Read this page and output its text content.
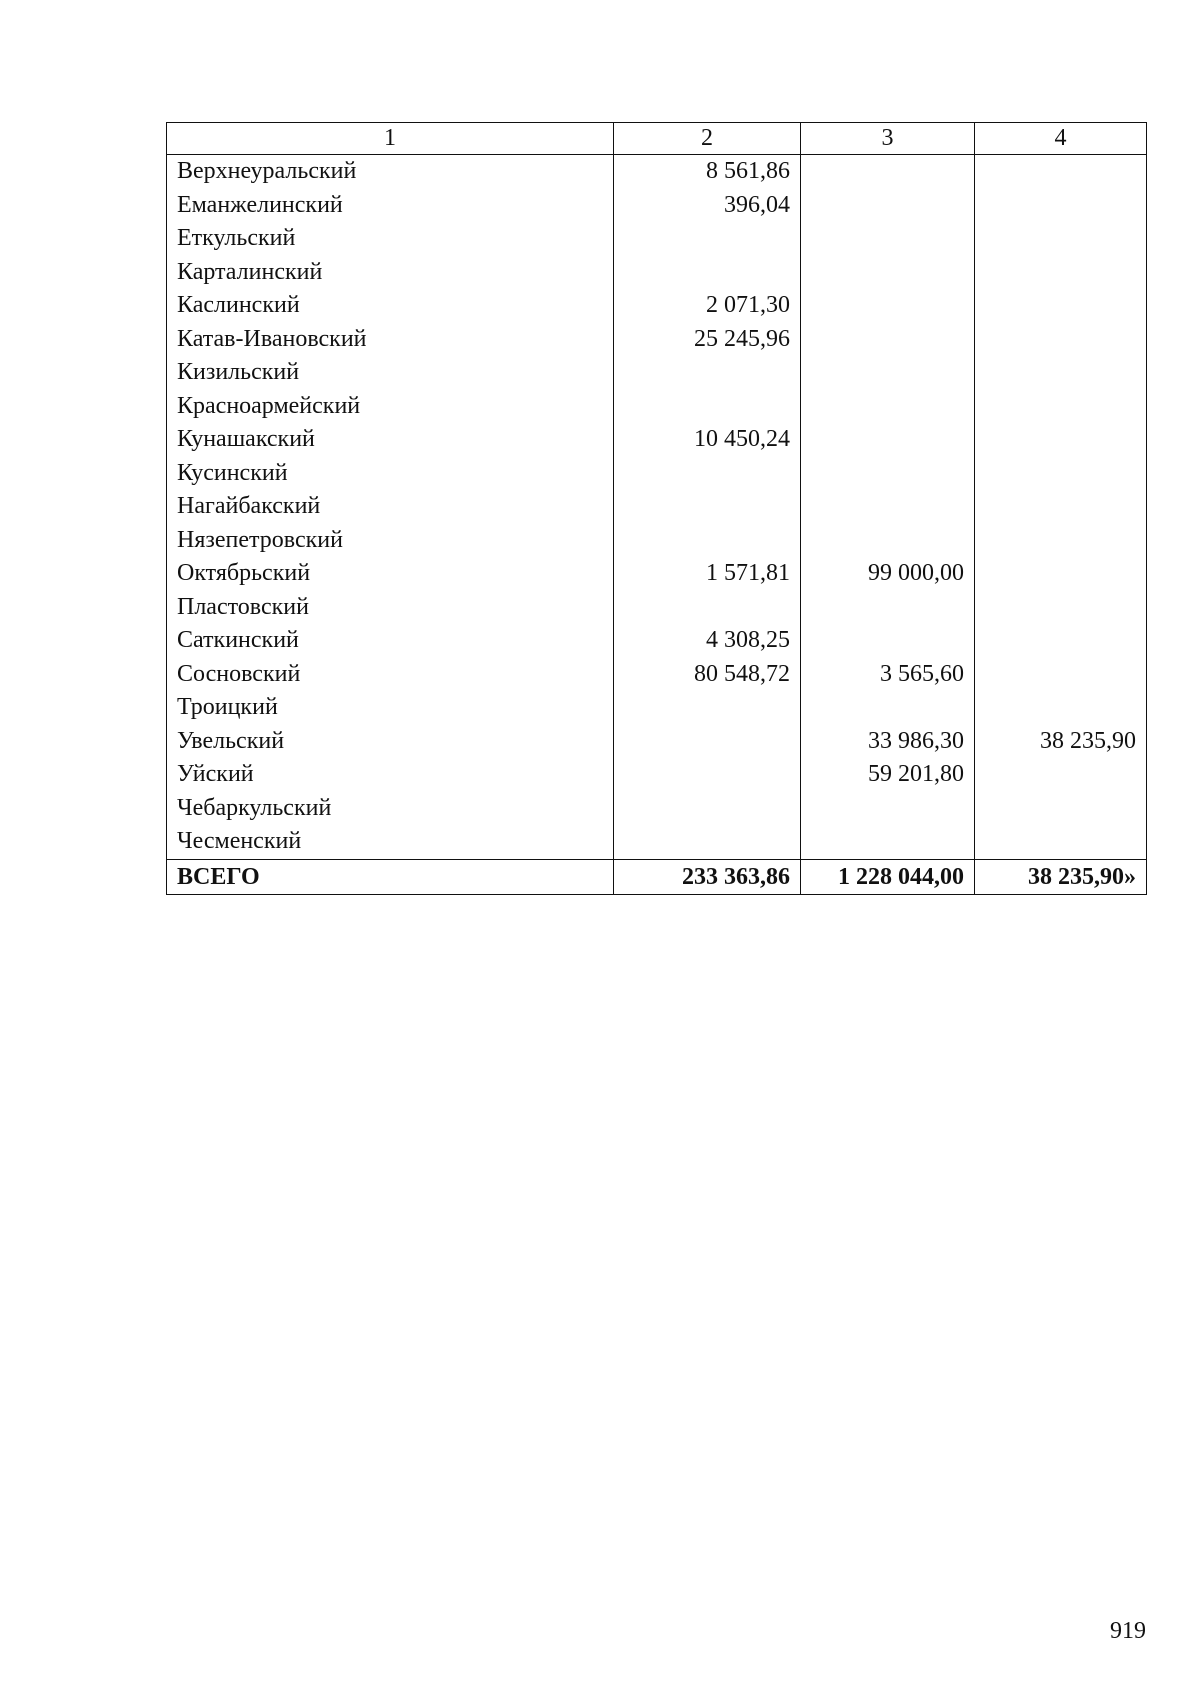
1	2	3	4
Верхнеуральский	8 561,86		
Еманжелинский	396,04		
Еткульский			
Карталинский			
Каслинский	2 071,30		
Катав-Ивановский	25 245,96		
Кизильский			
Красноармейский			
Кунашакский	10 450,24		
Кусинский			
Нагайбакский			
Нязепетровский			
Октябрьский	1 571,81	99 000,00	
Пластовский			
Саткинский	4 308,25		
Сосновский	80 548,72	3 565,60	
Троицкий			
Увельский		33 986,30	38 235,90
Уйский		59 201,80	
Чебаркульский			
Чесменский			
ВСЕГО	233 363,86	1 228 044,00	38 235,90»
919
